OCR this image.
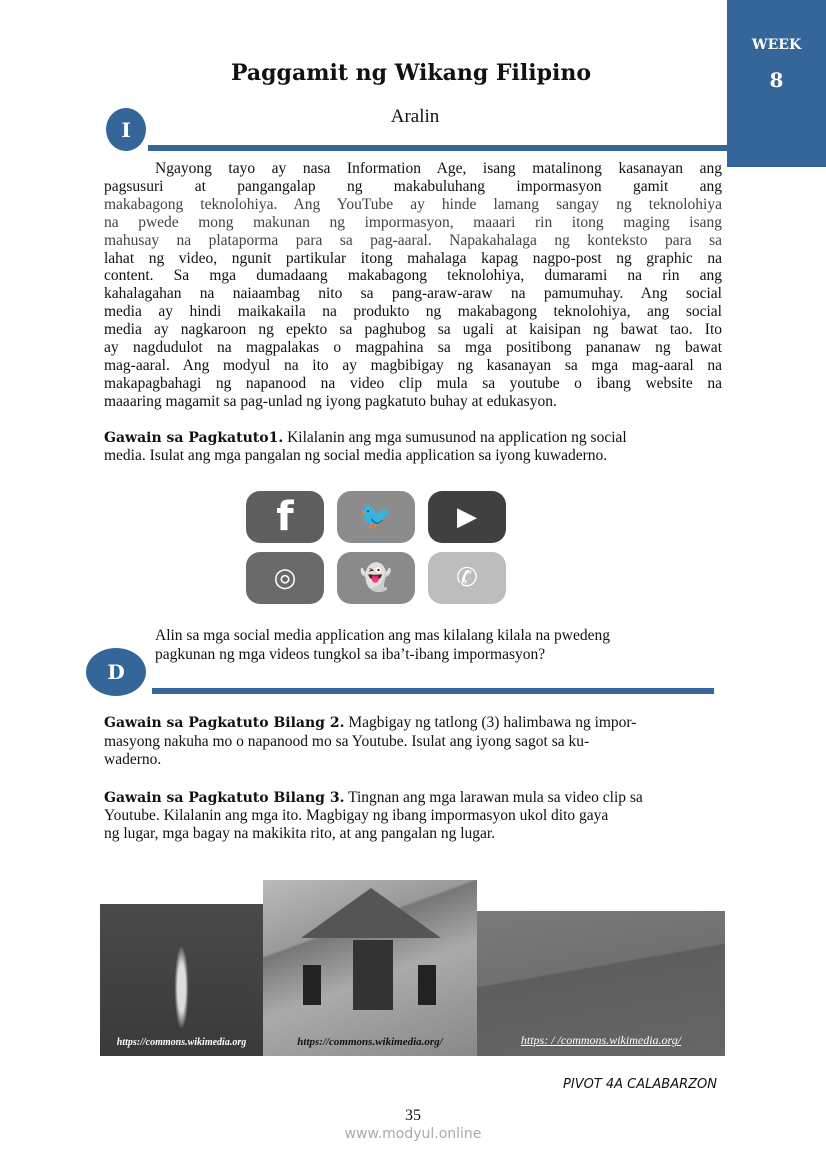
WEEK
8
Paggamit ng Wikang Filipino
I
Aralin
Ngayong tayo ay nasa Information Age, isang matalinong kasanayan ang
pagsusuri at pangangalap ng makabuluhang impormasyon gamit ang
makabagong teknolohiya. Ang YouTube ay hinde lamang sangay ng teknolohiya
na pwede mong makunan ng impormasyon, maaari rin itong maging isang
mahusay na plataporma para sa pag-aaral. Napakahalaga ng konteksto para sa
lahat ng video, ngunit partikular itong mahalaga kapag nagpo-post ng graphic na
content. Sa mga dumadaang makabagong teknolohiya, dumarami na rin ang
kahalagahan na naiaambag nito sa pang-araw-araw na pamumuhay. Ang social
media ay hindi maikakaila na produkto ng makabagong teknolohiya, ang social
media ay nagkaroon ng epekto sa paghubog sa ugali at kaisipan ng bawat tao. Ito
ay nagdudulot na magpalakas o magpahina sa mga positibong pananaw ng bawat
mag-aaral. Ang modyul na ito ay magbibigay ng kasanayan sa mga mag-aaral na
makapagbahagi ng napanood na video clip mula sa youtube o ibang website na
maaaring magamit sa pag-unlad ng iyong pagkatuto buhay at edukasyon.
Gawain sa Pagkatuto1. Kilalanin ang mga sumusunod na application ng social
media. Isulat ang mga pangalan ng social media application sa iyong kuwaderno.
f	🐦	▶
◎	👻	✆
Alin sa mga social media application ang mas kilalang kilala na pwedeng
pagkunan ng mga videos tungkol sa iba’t-ibang impormasyon?
D
Gawain sa Pagkatuto Bilang 2. Magbigay ng tatlong (3) halimbawa ng impor-
masyong nakuha mo o napanood mo sa Youtube. Isulat ang iyong sagot sa ku-
waderno.
Gawain sa Pagkatuto Bilang 3. Tingnan ang mga larawan mula sa video clip sa
Youtube. Kilalanin ang mga ito. Magbigay ng ibang impormasyon ukol dito gaya
ng lugar, mga bagay na makikita rito, at ang pangalan ng lugar.
https://commons.wikimedia.org	https://commons.wikimedia.org/	https: / /commons.wikimedia.org/
PIVOT 4A CALABARZON
35
www.modyul.online
